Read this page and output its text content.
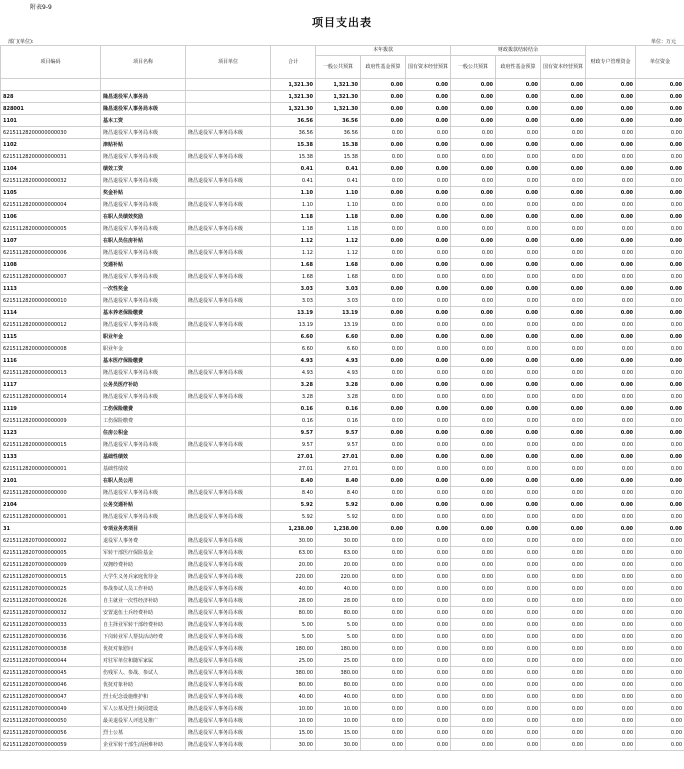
附表9-9
项目支出表
部门(单位):	单位：万元
项目编码	项目名称	项目单位	合计	本年拨款			财政拨款结转结余			财政专户管理资金	单位资金
				一般公共预算	政府性基金预算	国有资本经营预算	一般公共预算	政府性基金预算	国有资本经营预算		
			1,321.30	1,321.30	0.00	0.00	0.00	0.00	0.00	0.00	0.00
828	隆昌退役军人事务局		1,321.30	1,321.30	0.00	0.00	0.00	0.00	0.00	0.00	0.00
828001	隆昌退役军人事务局本级		1,321.30	1,321.30	0.00	0.00	0.00	0.00	0.00	0.00	0.00
1101	基本工资		36.56	36.56	0.00	0.00	0.00	0.00	0.00	0.00	0.00
62151128200000000030	隆昌退役军人事务局本级	隆昌退役军人事务局本级	36.56	36.56	0.00	0.00	0.00	0.00	0.00	0.00	0.00
1102	津贴补贴		15.38	15.38	0.00	0.00	0.00	0.00	0.00	0.00	0.00
62151128200000000031	隆昌退役军人事务局本级	隆昌退役军人事务局本级	15.38	15.38	0.00	0.00	0.00	0.00	0.00	0.00	0.00
1104	绩效工资		0.41	0.41	0.00	0.00	0.00	0.00	0.00	0.00	0.00
62151128200000000032	隆昌退役军人事务局本级	隆昌退役军人事务局本级	0.41	0.41	0.00	0.00	0.00	0.00	0.00	0.00	0.00
1105	奖金补贴		1.10	1.10	0.00	0.00	0.00	0.00	0.00	0.00	0.00
62151128200000000004	隆昌退役军人事务局本级	隆昌退役军人事务局本级	1.10	1.10	0.00	0.00	0.00	0.00	0.00	0.00	0.00
1106	在职人员绩效奖励		1.18	1.18	0.00	0.00	0.00	0.00	0.00	0.00	0.00
62151128200000000005	隆昌退役军人事务局本级	隆昌退役军人事务局本级	1.18	1.18	0.00	0.00	0.00	0.00	0.00	0.00	0.00
1107	在职人员住房补贴		1.12	1.12	0.00	0.00	0.00	0.00	0.00	0.00	0.00
62151128200000000006	隆昌退役军人事务局本级	隆昌退役军人事务局本级	1.12	1.12	0.00	0.00	0.00	0.00	0.00	0.00	0.00
1108	交通补贴		1.68	1.68	0.00	0.00	0.00	0.00	0.00	0.00	0.00
62151128200000000007	隆昌退役军人事务局本级	隆昌退役军人事务局本级	1.68	1.68	0.00	0.00	0.00	0.00	0.00	0.00	0.00
1113	一次性奖金		3.03	3.03	0.00	0.00	0.00	0.00	0.00	0.00	0.00
62151128200000000010	隆昌退役军人事务局本级	隆昌退役军人事务局本级	3.03	3.03	0.00	0.00	0.00	0.00	0.00	0.00	0.00
1114	基本养老保险缴费		13.19	13.19	0.00	0.00	0.00	0.00	0.00	0.00	0.00
62151128200000000012	隆昌退役军人事务局本级	隆昌退役军人事务局本级	13.19	13.19	0.00	0.00	0.00	0.00	0.00	0.00	0.00
1115	职业年金		6.60	6.60	0.00	0.00	0.00	0.00	0.00	0.00	0.00
62151128200000000008	职业年金		6.60	6.60	0.00	0.00	0.00	0.00	0.00	0.00	0.00
1116	基本医疗保险缴费		4.93	4.93	0.00	0.00	0.00	0.00	0.00	0.00	0.00
62151128200000000013	隆昌退役军人事务局本级	隆昌退役军人事务局本级	4.93	4.93	0.00	0.00	0.00	0.00	0.00	0.00	0.00
1117	公务员医疗补助		3.28	3.28	0.00	0.00	0.00	0.00	0.00	0.00	0.00
62151128200000000014	隆昌退役军人事务局本级	隆昌退役军人事务局本级	3.28	3.28	0.00	0.00	0.00	0.00	0.00	0.00	0.00
1119	工伤保险缴费		0.16	0.16	0.00	0.00	0.00	0.00	0.00	0.00	0.00
62151128200000000009	工伤保险缴费		0.16	0.16	0.00	0.00	0.00	0.00	0.00	0.00	0.00
1123	住房公积金		9.57	9.57	0.00	0.00	0.00	0.00	0.00	0.00	0.00
62151128200000000015	隆昌退役军人事务局本级	隆昌退役军人事务局本级	9.57	9.57	0.00	0.00	0.00	0.00	0.00	0.00	0.00
1133	基础性绩效		27.01	27.01	0.00	0.00	0.00	0.00	0.00	0.00	0.00
62151128200000000001	基础性绩效		27.01	27.01	0.00	0.00	0.00	0.00	0.00	0.00	0.00
2101	在职人员公用		8.40	8.40	0.00	0.00	0.00	0.00	0.00	0.00	0.00
62151128200000000000	隆昌退役军人事务局本级	隆昌退役军人事务局本级	8.40	8.40	0.00	0.00	0.00	0.00	0.00	0.00	0.00
2104	公务交通补贴		5.92	5.92	0.00	0.00	0.00	0.00	0.00	0.00	0.00
62151128200000000001	隆昌退役军人事务局本级	隆昌退役军人事务局本级	5.92	5.92	0.00	0.00	0.00	0.00	0.00	0.00	0.00
31	专项业务类项目		1,238.00	1,238.00	0.00	0.00	0.00	0.00	0.00	0.00	0.00
62151128207000000002	退役军人事务费	隆昌退役军人事务局本级	30.00	30.00	0.00	0.00	0.00	0.00	0.00	0.00	0.00
62151128207000000005	军转干部医疗保险基金	隆昌退役军人事务局本级	63.00	63.00	0.00	0.00	0.00	0.00	0.00	0.00	0.00
62151128207000000009	双拥经费补助	隆昌退役军人事务局本级	20.00	20.00	0.00	0.00	0.00	0.00	0.00	0.00	0.00
62151128207000000015	大学生义务兵家庭优待金	隆昌退役军人事务局本级	220.00	220.00	0.00	0.00	0.00	0.00	0.00	0.00	0.00
62151128207000000025	参战参试人员工作补助	隆昌退役军人事务局本级	40.00	40.00	0.00	0.00	0.00	0.00	0.00	0.00	0.00
62151128207000000026	自主就业一次性经济补助	隆昌退役军人事务局本级	28.00	28.00	0.00	0.00	0.00	0.00	0.00	0.00	0.00
62151128207000000032	安置退伍士兵经费补助	隆昌退役军人事务局本级	80.00	80.00	0.00	0.00	0.00	0.00	0.00	0.00	0.00
62151128207000000033	自主择业军转干部经费补助	隆昌退役军人事务局本级	5.00	5.00	0.00	0.00	0.00	0.00	0.00	0.00	0.00
62151128207000000036	下岗转业军人帮扶活动经费	隆昌退役军人事务局本级	5.00	5.00	0.00	0.00	0.00	0.00	0.00	0.00	0.00
62151128207000000038	优抚对象慰问	隆昌退役军人事务局本级	180.00	180.00	0.00	0.00	0.00	0.00	0.00	0.00	0.00
62151128207000000044	对驻军单位和随军家属	隆昌退役军人事务局本级	25.00	25.00	0.00	0.00	0.00	0.00	0.00	0.00	0.00
62151128207000000045	伤残军人、参战、参试人	隆昌退役军人事务局本级	380.00	380.00	0.00	0.00	0.00	0.00	0.00	0.00	0.00
62151128207000000046	优抚对象补助	隆昌退役军人事务局本级	80.00	80.00	0.00	0.00	0.00	0.00	0.00	0.00	0.00
62151128207000000047	烈士纪念设施维护和	隆昌退役军人事务局本级	40.00	40.00	0.00	0.00	0.00	0.00	0.00	0.00	0.00
62151128207000000049	军人公墓及烈士陵园建设	隆昌退役军人事务局本级	10.00	10.00	0.00	0.00	0.00	0.00	0.00	0.00	0.00
62151128207000000050	最美退役军人评选及推广	隆昌退役军人事务局本级	10.00	10.00	0.00	0.00	0.00	0.00	0.00	0.00	0.00
62151128207000000056	烈士公墓	隆昌退役军人事务局本级	15.00	15.00	0.00	0.00	0.00	0.00	0.00	0.00	0.00
62151128207000000059	企业军转干部生活困难补助	隆昌退役军人事务局本级	30.00	30.00	0.00	0.00	0.00	0.00	0.00	0.00	0.00
